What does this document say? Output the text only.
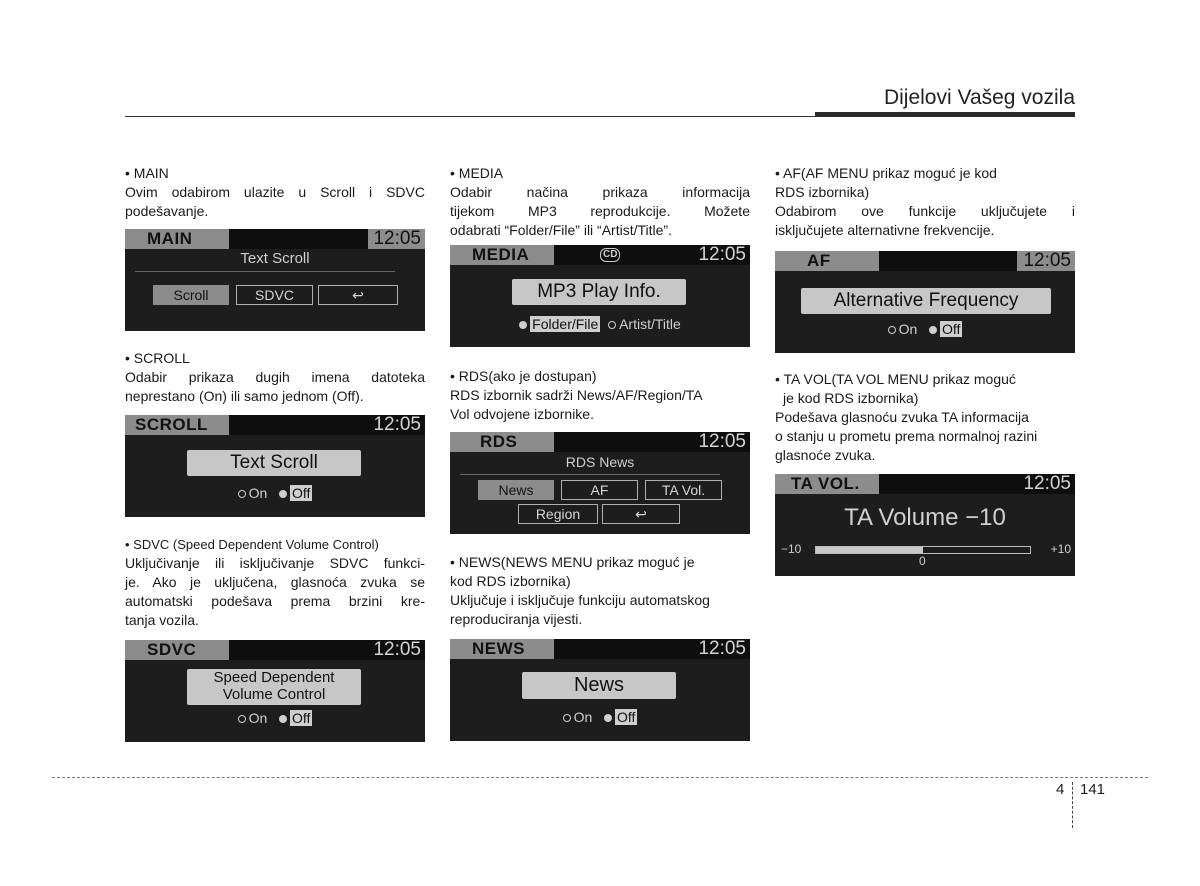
Dijelovi Vašeg vozila

• MAIN

Ovim odabirom ulazite u Scroll i SDVC

podešavanje.

MAIN	12:05
Text Scroll
Scroll	SDVC	↩

• SCROLL

Odabir prikaza dugih imena datoteka

neprestano (On) ili samo jednom (Off).

SCROLL	12:05
Text Scroll
On Off

• SDVC (Speed Dependent Volume Control)

Uključivanje ili isključivanje SDVC funkci-

je. Ako je uključena, glasnoća zvuka se

automatski podešava prema brzini kre-

tanja vozila.

SDVC	12:05
Speed Dependent
Volume Control
On Off

• MEDIA

Odabir načina prikaza informacija

tijekom MP3 reprodukcije. Možete

odabrati “Folder/File” ili “Artist/Title”.

MEDIA	CD	12:05
MP3 Play Info.
Folder/File Artist/Title

• RDS(ako je dostupan)

RDS izbornik sadrži News/AF/Region/TA

Vol odvojene izbornike.

RDS	12:05
RDS News
News	AF	TA Vol.
Region	↩

• NEWS(NEWS MENU prikaz moguć je

kod RDS izbornika)

Uključuje i isključuje funkciju automatskog

reproduciranja vijesti.

NEWS	12:05
News
On Off

• AF(AF MENU prikaz moguć je kod

RDS izbornika)

Odabirom ove funkcije uključujete i

isključujete alternativne frekvencije.

AF	12:05
Alternative Frequency
On Off

• TA VOL(TA VOL MENU prikaz moguć

je kod RDS izbornika)

Podešava glasnoću zvuka TA informacija

o stanju u prometu prema normalnoj razini

glasnoće zvuka.

TA VOL.	12:05
TA Volume −10
−10	+10
0
4 141
